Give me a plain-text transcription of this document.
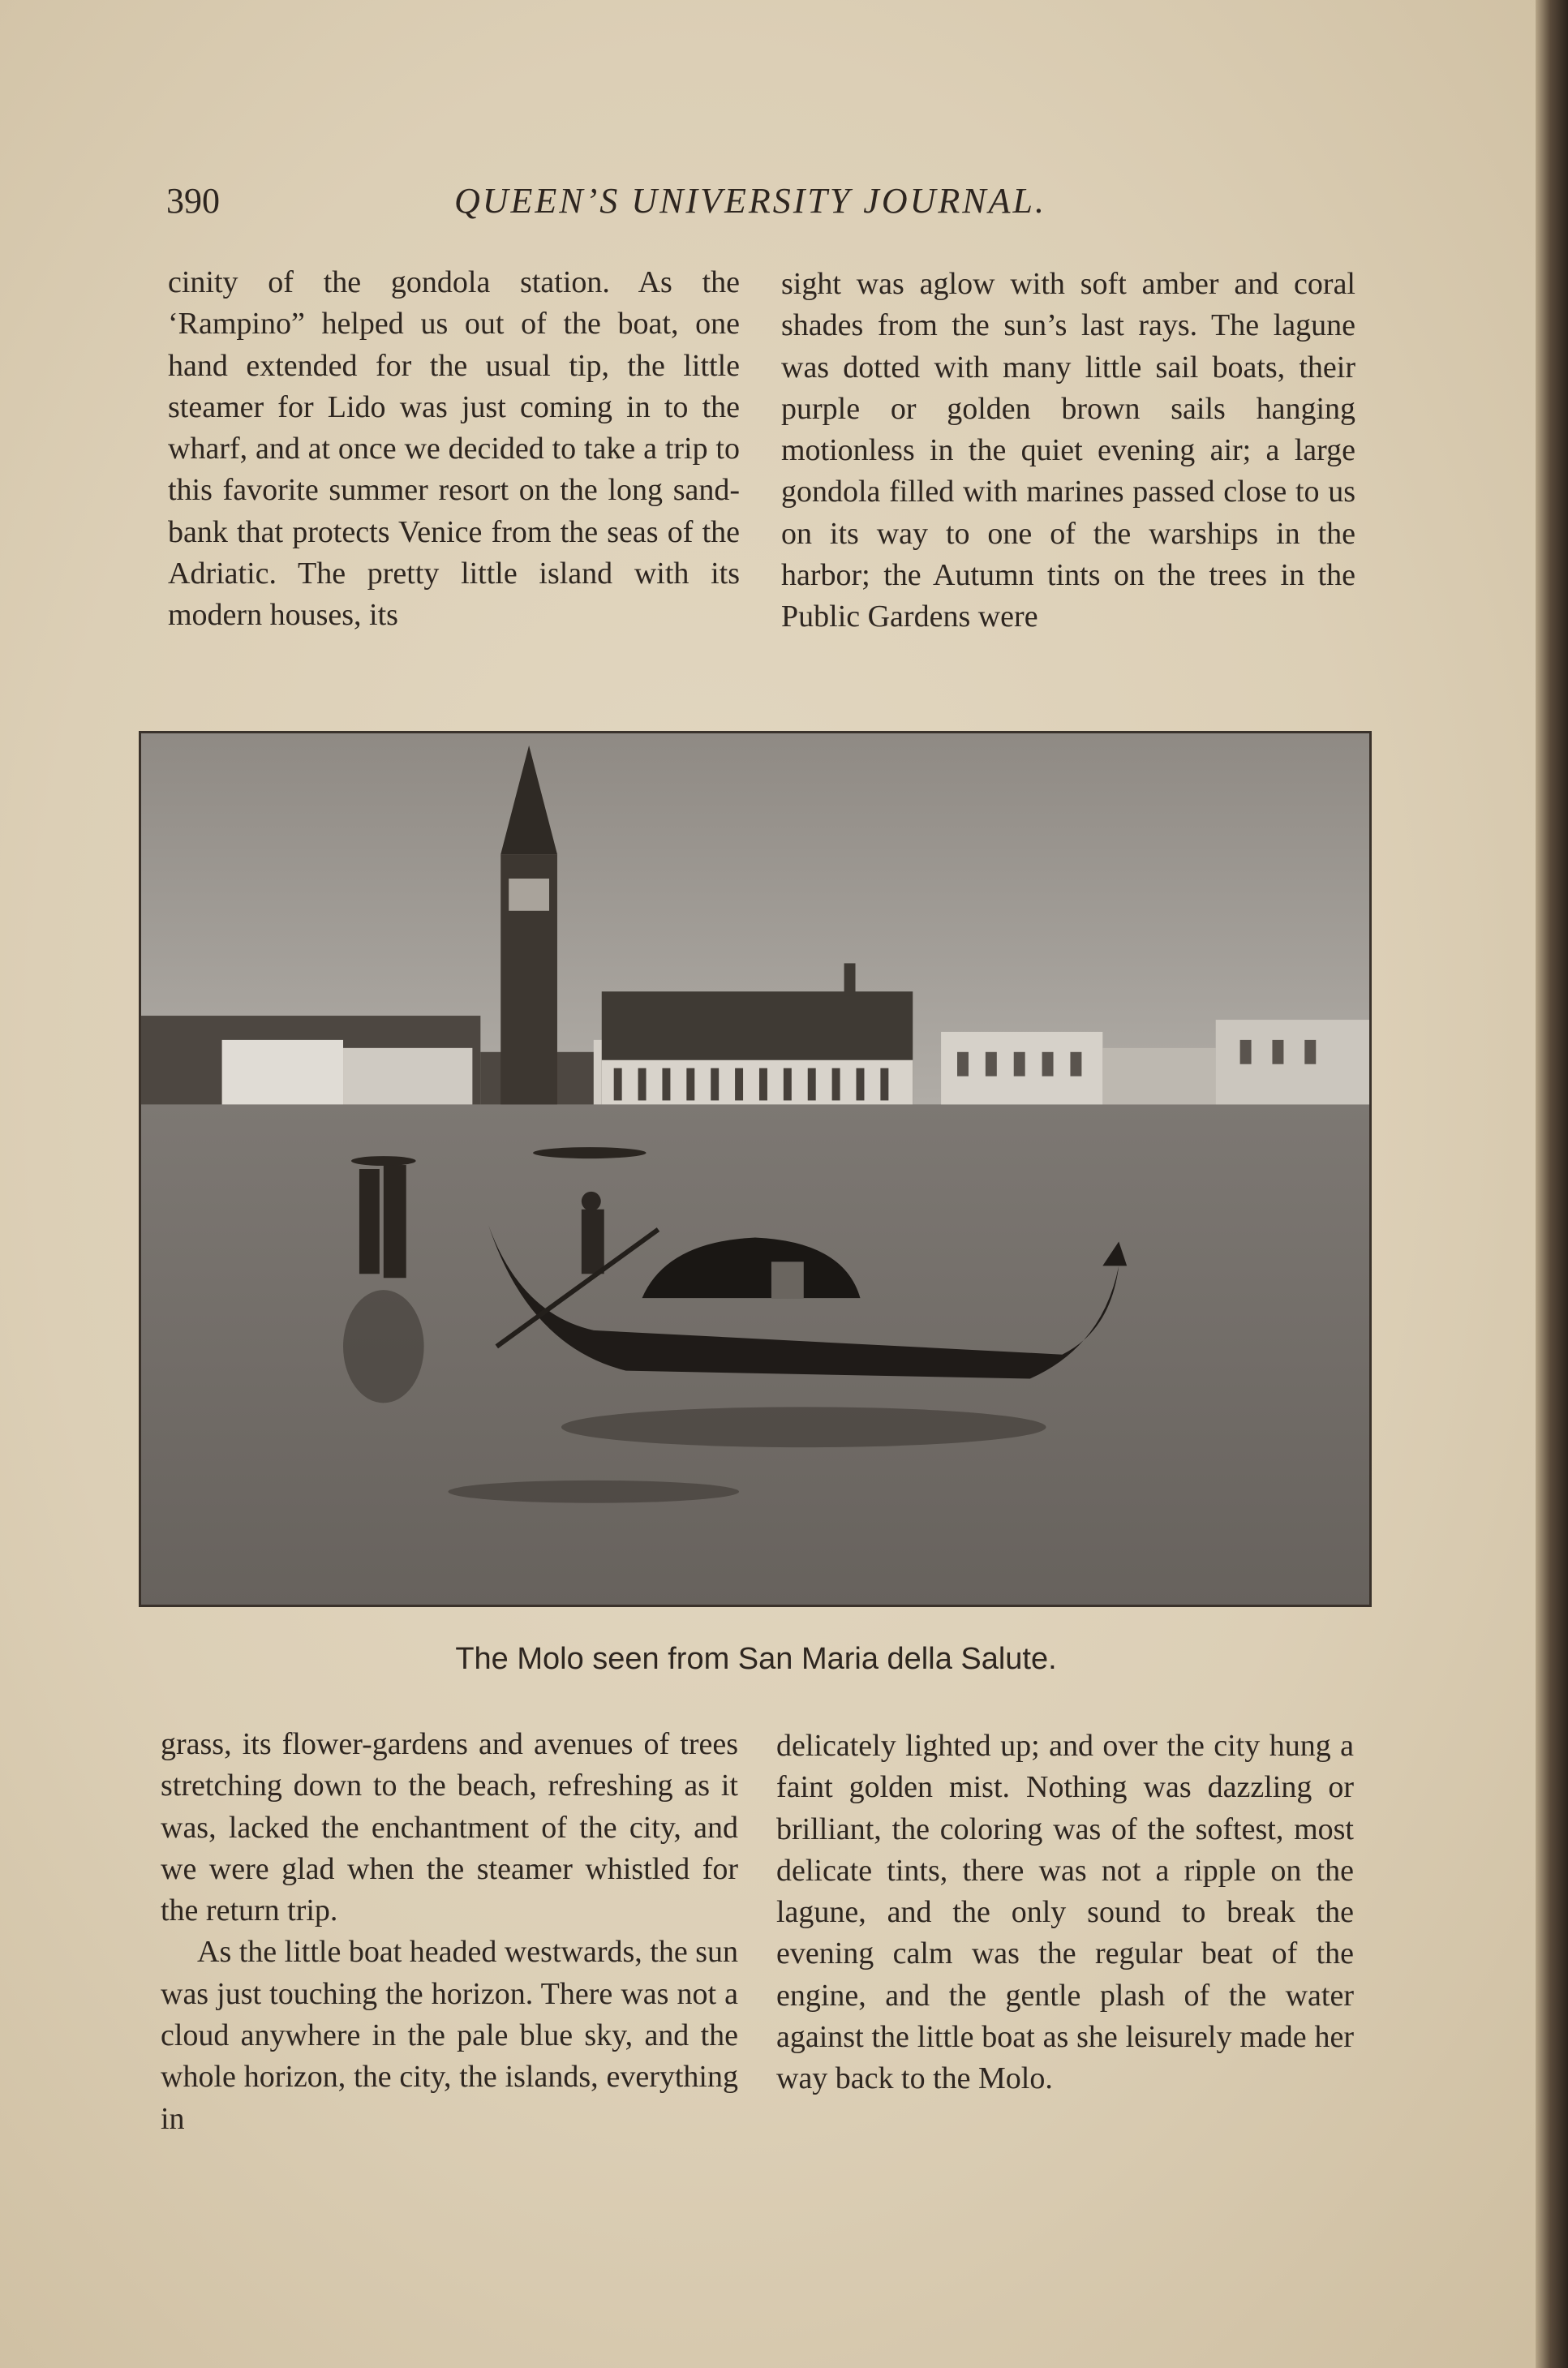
390	QUEEN’S UNIVERSITY JOURNAL.

cinity of the gondola station. As the ‘Rampino” helped us out of the boat, one hand extended for the usual tip, the little steamer for Lido was just coming in to the wharf, and at once we decided to take a trip to this favorite summer resort on the long sand-bank that protects Venice from the seas of the Adriatic. The pretty little island with its modern houses, its

sight was aglow with soft amber and coral shades from the sun’s last rays. The lagune was dotted with many little sail boats, their purple or golden brown sails hanging motionless in the quiet evening air; a large gondola filled with marines passed close to us on its way to one of the warships in the harbor; the Autumn tints on the trees in the Public Gardens were

The Molo seen from San Maria della Salute.

grass, its flower-gardens and avenues of trees stretching down to the beach, refreshing as it was, lacked the enchantment of the city, and we were glad when the steamer whistled for the return trip.

As the little boat headed westwards, the sun was just touching the horizon. There was not a cloud anywhere in the pale blue sky, and the whole horizon, the city, the islands, everything in

delicately lighted up; and over the city hung a faint golden mist. Nothing was dazzling or brilliant, the coloring was of the softest, most delicate tints, there was not a ripple on the lagune, and the only sound to break the evening calm was the regular beat of the engine, and the gentle plash of the water against the little boat as she leisurely made her way back to the Molo.
